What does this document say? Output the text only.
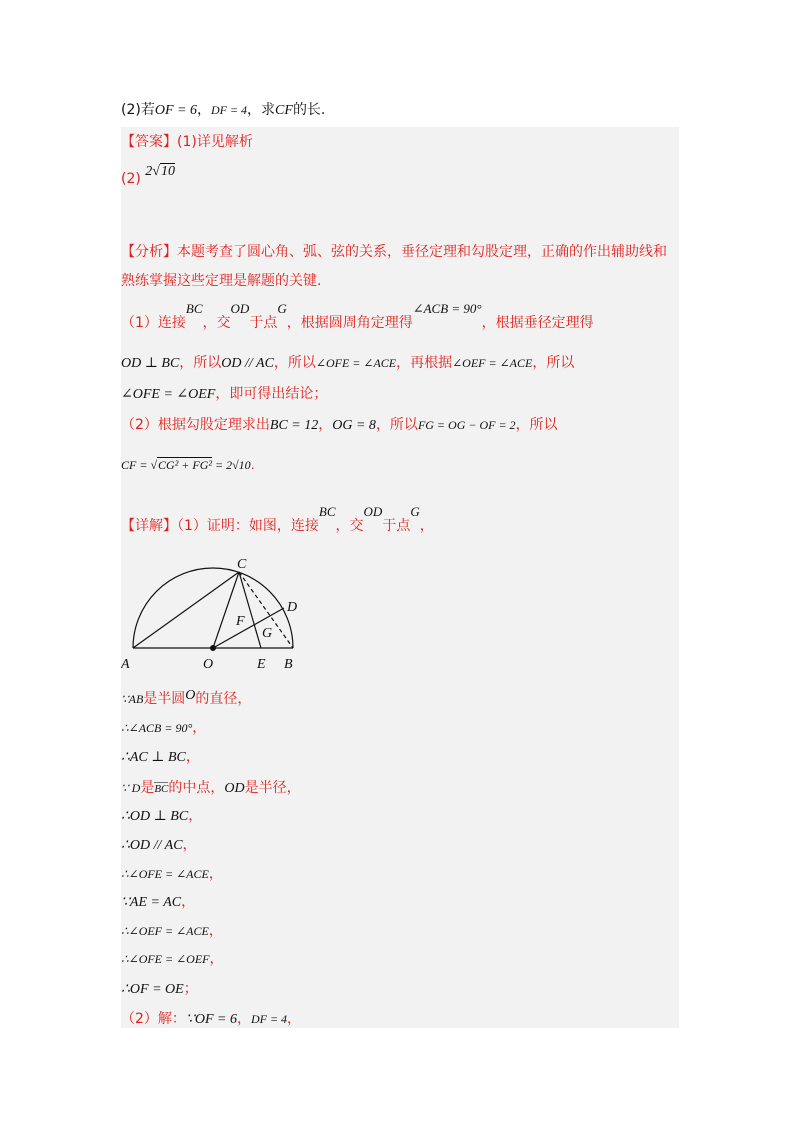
(2)若OF = 6，DF = 4，求CF的长.
【答案】(1)详见解析
(2) 2√10
【分析】本题考查了圆心角、弧、弦的关系，垂径定理和勾股定理，正确的作出辅助线和
熟练掌握这些定理是解题的关键.
（1）连接BC，交OD于点G，根据圆周角定理得∠ACB = 90°，根据垂径定理得
OD ⊥ BC，所以OD // AC，所以∠OFE = ∠ACE，再根据∠OEF = ∠ACE，所以
∠OFE = ∠OEF，即可得出结论；
（2）根据勾股定理求出BC = 12，OG = 8，所以FG = OG − OF = 2，所以
CF = √CG² + FG² = 2√10.
【详解】（1）证明：如图，连接BC，交OD于点G，
A	O	E B
C
D
F
G
∵AB是半圆O的直径，
∴∠ACB = 90°，
∴AC ⊥ BC，
∵ D是BC的中点，OD是半径，
∴OD ⊥ BC，
∴OD // AC，
∴∠OFE = ∠ACE，
∵AE = AC，
∴∠OEF = ∠ACE，
∴∠OFE = ∠OEF，
∴OF = OE；
（2）解：∵OF = 6，DF = 4，
